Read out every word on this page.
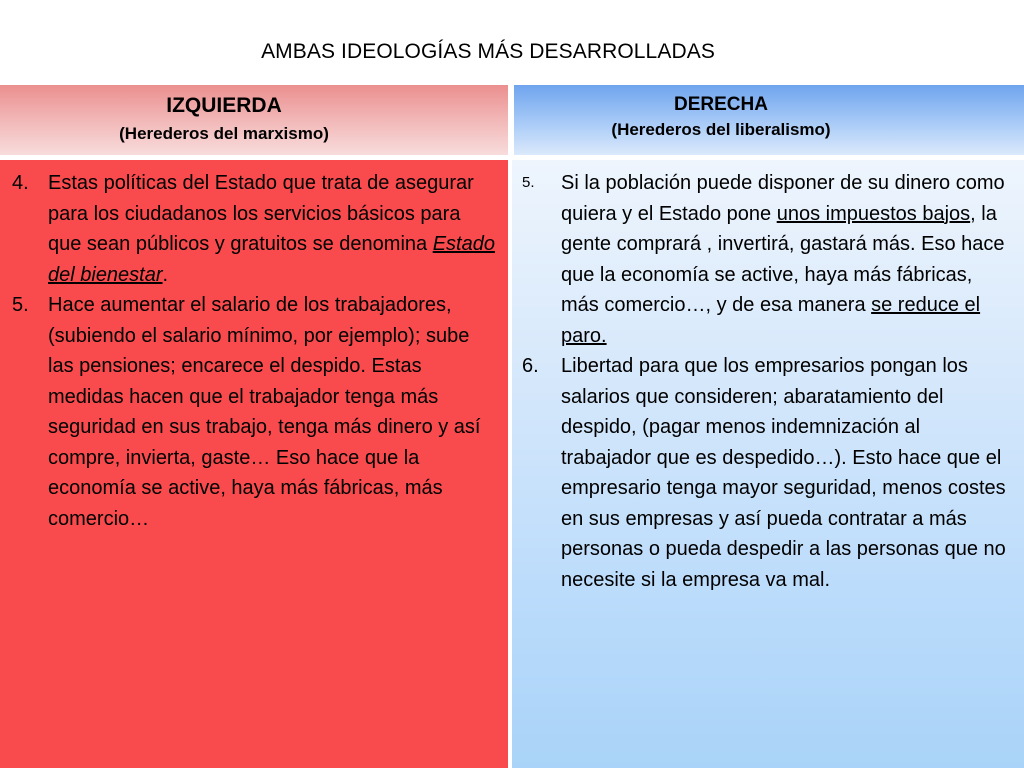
AMBAS IDEOLOGÍAS MÁS DESARROLLADAS
IZQUIERDA
(Herederos del marxismo)
DERECHA
(Herederos del liberalismo)
4. Estas políticas del Estado que trata de asegurar para los ciudadanos los servicios básicos para que sean públicos y gratuitos se denomina Estado del bienestar.
5. Hace aumentar el salario de los trabajadores, (subiendo el salario mínimo, por ejemplo); sube las pensiones; encarece el despido. Estas medidas hacen que el trabajador tenga más seguridad en sus trabajo, tenga más dinero y así compre, invierta, gaste… Eso hace que la economía se active, haya más fábricas, más comercio…
5. Si la población puede disponer de su dinero como quiera y el Estado pone unos impuestos bajos, la gente comprará , invertirá, gastará más. Eso hace que la economía se active, haya más fábricas, más comercio…, y de esa manera se reduce el paro.
6. Libertad para que los empresarios pongan los salarios que consideren; abaratamiento del despido, (pagar menos indemnización al trabajador que es despedido…). Esto hace que el empresario tenga mayor seguridad, menos costes en sus empresas y así pueda contratar a más personas o pueda despedir a las personas que no necesite si la empresa va mal.
